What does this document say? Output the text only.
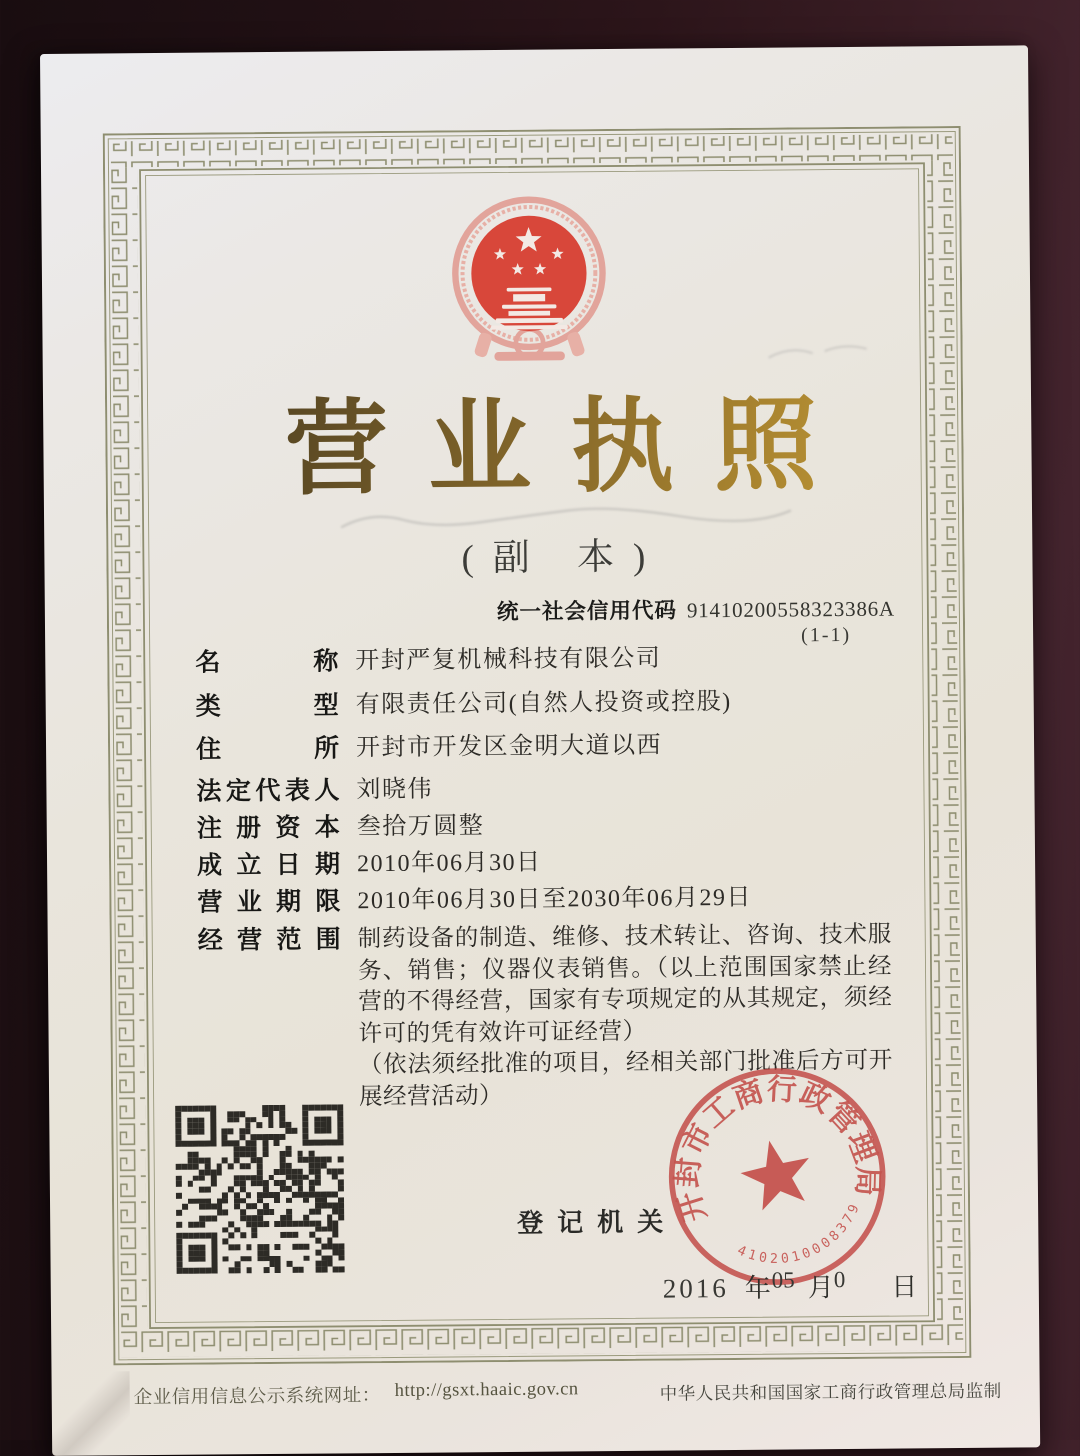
营业执照
(副 本)
统一社会信用代码 91410200558323386A
(1-1)
名称 开封严复机械科技有限公司
类型 有限责任公司(自然人投资或控股)
住所 开封市开发区金明大道以西
法定代表人 刘晓伟
注册资本 叁拾万圆整
成立日期 2010年06月30日
营业期限 2010年06月30日至2030年06月29日
经营范围 制药设备的制造、维修、技术转让、咨询、技术服务、销售；仪器仪表销售。（以上范围国家禁止经营的不得经营，国家有专项规定的从其规定，须经许可的凭有效许可证经营）

（依法须经批准的项目，经相关部门批准后方可开展经营活动）

登记机关
开封市工商行政管理局
4102010008379
2016 年 05 月 0 日
企业信用信息公示系统网址： http://gsxt.haaic.gov.cn	中华人民共和国国家工商行政管理总局监制
